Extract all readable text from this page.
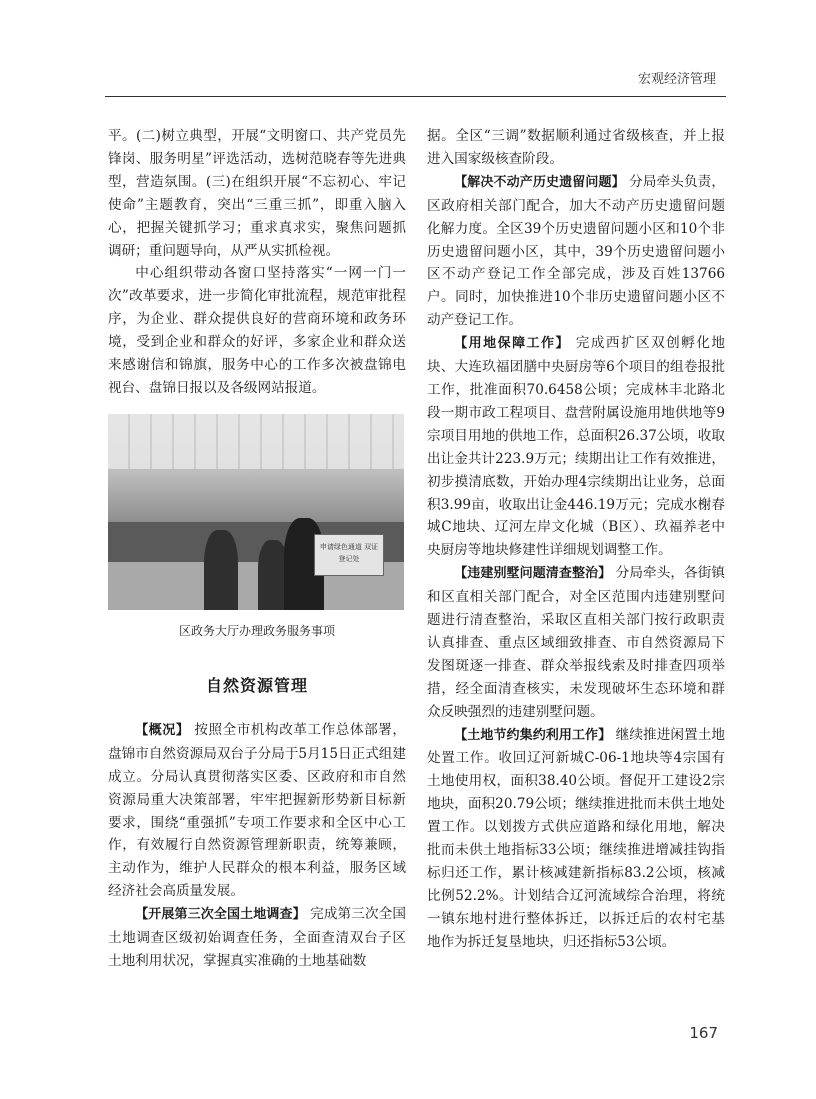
宏观经济管理

平。(二)树立典型，开展“文明窗口、共产党员先锋岗、服务明星”评选活动，选树范晓春等先进典型，营造氛围。(三)在组织开展“不忘初心、牢记使命”主题教育，突出“三重三抓”，即重入脑入心，把握关键抓学习；重求真求实，聚焦问题抓调研；重问题导向，从严从实抓检视。

中心组织带动各窗口坚持落实“一网一门一次”改革要求，进一步简化审批流程，规范审批程序，为企业、群众提供良好的营商环境和政务环境，受到企业和群众的好评，多家企业和群众送来感谢信和锦旗，服务中心的工作多次被盘锦电视台、盘锦日报以及各级网站报道。

申请绿色通道 双证登记处
区政务大厅办理政务服务事项
自然资源管理

【概况】 按照全市机构改革工作总体部署，盘锦市自然资源局双台子分局于5月15日正式组建成立。分局认真贯彻落实区委、区政府和市自然资源局重大决策部署，牢牢把握新形势新目标新要求，围绕“重强抓”专项工作要求和全区中心工作，有效履行自然资源管理新职责，统筹兼顾，主动作为，维护人民群众的根本利益，服务区域经济社会高质量发展。

【开展第三次全国土地调查】 完成第三次全国土地调查区级初始调查任务，全面查清双台子区土地利用状况，掌握真实准确的土地基础数

据。全区“三调”数据顺利通过省级核查，并上报进入国家级核查阶段。

【解决不动产历史遗留问题】 分局牵头负责，区政府相关部门配合，加大不动产历史遗留问题化解力度。全区39个历史遗留问题小区和10个非历史遗留问题小区，其中，39个历史遗留问题小区不动产登记工作全部完成，涉及百姓13766户。同时，加快推进10个非历史遗留问题小区不动产登记工作。

【用地保障工作】 完成西扩区双创孵化地块、大连玖福团膳中央厨房等6个项目的组卷报批工作，批准面积70.6458公顷；完成林丰北路北段一期市政工程项目、盘营附属设施用地供地等9宗项目用地的供地工作，总面积26.37公顷，收取出让金共计223.9万元；续期出让工作有效推进，初步摸清底数，开始办理4宗续期出让业务，总面积3.99亩，收取出让金446.19万元；完成水榭春城C地块、辽河左岸文化城（B区）、玖福养老中央厨房等地块修建性详细规划调整工作。

【违建别墅问题清查整治】 分局牵头，各街镇和区直相关部门配合，对全区范围内违建别墅问题进行清查整治，采取区直相关部门按行政职责认真排查、重点区域细致排查、市自然资源局下发图斑逐一排查、群众举报线索及时排查四项举措，经全面清查核实，未发现破坏生态环境和群众反映强烈的违建别墅问题。

【土地节约集约利用工作】 继续推进闲置土地处置工作。收回辽河新城C-06-1地块等4宗国有土地使用权，面积38.40公顷。督促开工建设2宗地块，面积20.79公顷；继续推进批而未供土地处置工作。以划拨方式供应道路和绿化用地，解决批而未供土地指标33公顷；继续推进增减挂钩指标归还工作，累计核减建新指标83.2公顷，核减比例52.2%。计划结合辽河流域综合治理，将统一镇东地村进行整体拆迁，以拆迁后的农村宅基地作为拆迁复垦地块，归还指标53公顷。

167
